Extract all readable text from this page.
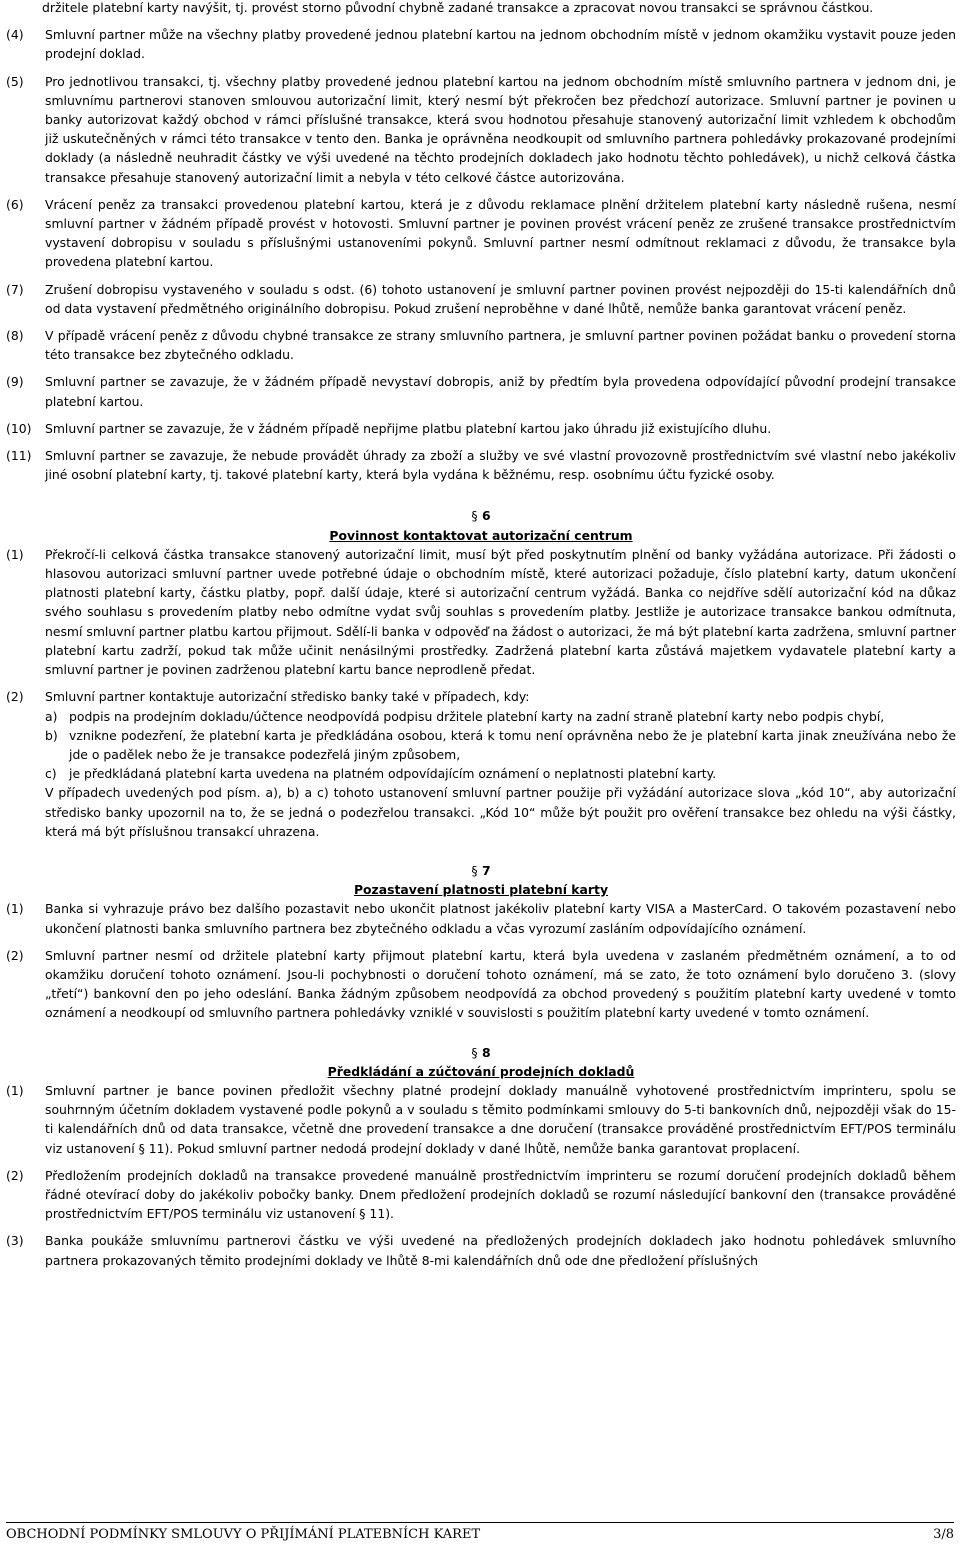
držitele platební karty navýšit, tj. provést storno původní chybně zadané transakce a zpracovat novou transakci se správnou částkou.
(4) Smluvní partner může na všechny platby provedené jednou platební kartou na jednom obchodním místě v jednom okamžiku vystavit pouze jeden prodejní doklad.
(5) Pro jednotlivou transakci, tj. všechny platby provedené jednou platební kartou na jednom obchodním místě smluvního partnera v jednom dni, je smluvnímu partnerovi stanoven smlouvou autorizační limit, který nesmí být překročen bez předchozí autorizace. Smluvní partner je povinen u banky autorizovat každý obchod v rámci příslušné transakce, která svou hodnotou přesahuje stanovený autorizační limit vzhledem k obchodům již uskutečněných v rámci této transakce v tento den. Banka je oprávněna neodkoupit od smluvního partnera pohledávky prokazované prodejními doklady (a následně neuhradit částky ve výši uvedené na těchto prodejních dokladech jako hodnotu těchto pohledávek), u nichž celková částka transakce přesahuje stanovený autorizační limit a nebyla v této celkové částce autorizována.
(6) Vrácení peněz za transakci provedenou platební kartou, která je z důvodu reklamace plnění držitelem platební karty následně rušena, nesmí smluvní partner v žádném případě provést v hotovosti. Smluvní partner je povinen provést vrácení peněz ze zrušené transakce prostřednictvím vystavení dobropisu v souladu s příslušnými ustanoveními pokynů. Smluvní partner nesmí odmítnout reklamaci z důvodu, že transakce byla provedena platební kartou.
(7) Zrušení dobropisu vystaveného v souladu s odst. (6) tohoto ustanovení je smluvní partner povinen provést nejpozději do 15-ti kalendářních dnů od data vystavení předmětného originálního dobropisu. Pokud zrušení neproběhne v dané lhůtě, nemůže banka garantovat vrácení peněz.
(8) V případě vrácení peněz z důvodu chybné transakce ze strany smluvního partnera, je smluvní partner povinen požádat banku o provedení storna této transakce bez zbytečného odkladu.
(9) Smluvní partner se zavazuje, že v žádném případě nevystaví dobropis, aniž by předtím byla provedena odpovídající původní prodejní transakce platební kartou.
(10) Smluvní partner se zavazuje, že v žádném případě nepřijme platbu platební kartou jako úhradu již existujícího dluhu.
(11) Smluvní partner se zavazuje, že nebude provádět úhrady za zboží a služby ve své vlastní provozovně prostřednictvím své vlastní nebo jakékoliv jiné osobní platební karty, tj. takové platební karty, která byla vydána k běžnému, resp. osobnímu účtu fyzické osoby.
§ 6
Povinnost kontaktovat autorizační centrum
(1) Překročí-li celková částka transakce stanovený autorizační limit, musí být před poskytnutím plnění od banky vyžádána autorizace. Při žádosti o hlasovou autorizaci smluvní partner uvede potřebné údaje o obchodním místě, které autorizaci požaduje, číslo platební karty, datum ukončení platnosti platební karty, částku platby, popř. další údaje, které si autorizační centrum vyžádá. Banka co nejdříve sdělí autorizační kód na důkaz svého souhlasu s provedením platby nebo odmítne vydat svůj souhlas s provedením platby. Jestliže je autorizace transakce bankou odmítnuta, nesmí smluvní partner platbu kartou přijmout. Sdělí-li banka v odpověď na žádost o autorizaci, že má být platební karta zadržena, smluvní partner platební kartu zadrží, pokud tak může učinit nenásilnými prostředky. Zadržená platební karta zůstává majetkem vydavatele platební karty a smluvní partner je povinen zadrženou platební kartu bance neprodleně předat.
(2) Smluvní partner kontaktuje autorizační středisko banky také v případech, kdy:
a) podpis na prodejním dokladu/účtence neodpovídá podpisu držitele platební karty na zadní straně platební karty nebo podpis chybí,
b) vznikne podezření, že platební karta je předkládána osobou, která k tomu není oprávněna nebo že je platební karta jinak zneužívána nebo že jde o padělek nebo že je transakce podezřelá jiným způsobem,
c) je předkládaná platební karta uvedena na platném odpovídajícím oznámení o neplatnosti platební karty.
V případech uvedených pod písm. a), b) a c) tohoto ustanovení smluvní partner použije při vyžádání autorizace slova „kód 10“, aby autorizační středisko banky upozornil na to, že se jedná o podezřelou transakci. „Kód 10“ může být použit pro ověření transakce bez ohledu na výši částky, která má být příslušnou transakcí uhrazena.
§ 7
Pozastavení platnosti platební karty
(1) Banka si vyhrazuje právo bez dalšího pozastavit nebo ukončit platnost jakékoliv platební karty VISA a MasterCard. O takovém pozastavení nebo ukončení platnosti banka smluvního partnera bez zbytečného odkladu a včas vyrozumí zasláním odpovídajícího oznámení.
(2) Smluvní partner nesmí od držitele platební karty přijmout platební kartu, která byla uvedena v zaslaném předmětném oznámení, a to od okamžiku doručení tohoto oznámení. Jsou-li pochybnosti o doručení tohoto oznámení, má se zato, že toto oznámení bylo doručeno 3. (slovy „třetí“) bankovní den po jeho odeslání. Banka žádným způsobem neodpovídá za obchod provedený s použitím platební karty uvedené v tomto oznámení a neodkoupí od smluvního partnera pohledávky vzniklé v souvislosti s použitím platební karty uvedené v tomto oznámení.
§ 8
Předkládání a zúčtování prodejních dokladů
(1) Smluvní partner je bance povinen předložit všechny platné prodejní doklady manuálně vyhotovené prostřednictvím imprinteru, spolu se souhrnným účetním dokladem vystavené podle pokynů a v souladu s těmito podmínkami smlouvy do 5-ti bankovních dnů, nejpozději však do 15-ti kalendářních dnů od data transakce, včetně dne provedení transakce a dne doručení (transakce prováděné prostřednictvím EFT/POS terminálu viz ustanovení § 11). Pokud smluvní partner nedodá prodejní doklady v dané lhůtě, nemůže banka garantovat proplacení.
(2) Předložením prodejních dokladů na transakce provedené manuálně prostřednictvím imprinteru se rozumí doručení prodejních dokladů během řádné otevírací doby do jakékoliv pobočky banky. Dnem předložení prodejních dokladů se rozumí následující bankovní den (transakce prováděné prostřednictvím EFT/POS terminálu viz ustanovení § 11).
(3) Banka poukáže smluvnímu partnerovi částku ve výši uvedené na předložených prodejních dokladech jako hodnotu pohledávek smluvního partnera prokazovaných těmito prodejními doklady ve lhůtě 8-mi kalendářních dnů ode dne předložení příslušných
OBCHODNÍ PODMÍNKY SMLOUVY O PŘIJÍMÁNÍ PLATEBNÍCH KARET	3/8
